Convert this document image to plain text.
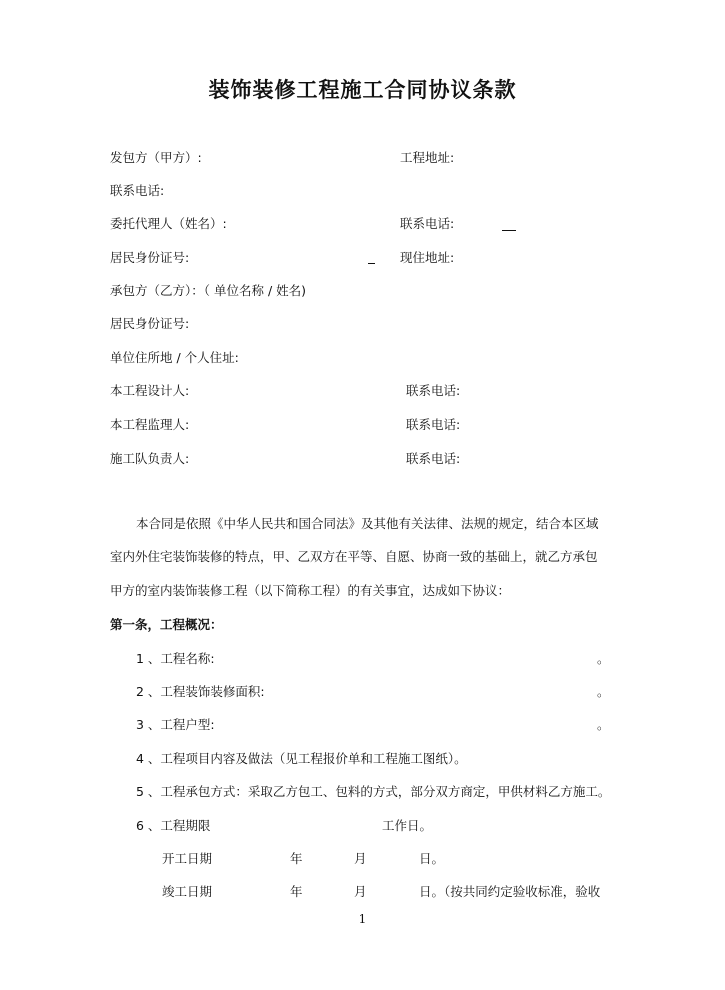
装饰装修工程施工合同协议条款
发包方（甲方）:	工程地址:
联系电话:
委托代理人（姓名）:	联系电话:
居民身份证号:	现住地址:
承包方（乙方）：（ 单位名称 / 姓名)
居民身份证号:
单位住所地 / 个人住址:
本工程设计人:	联系电话:
本工程监理人:	联系电话:
施工队负责人:	联系电话:
本合同是依照《中华人民共和国合同法》及其他有关法律、法规的规定，结合本区域
室内外住宅装饰装修的特点，甲、乙双方在平等、自愿、协商一致的基础上，就乙方承包
甲方的室内装饰装修工程（以下简称工程）的有关事宜，达成如下协议：
第一条，工程概况：
1 、工程名称:	。
2 、工程装饰装修面积:	。
3 、工程户型:	。
4 、工程项目内容及做法（见工程报价单和工程施工图纸）。
5 、工程承包方式：采取乙方包工、包料的方式，部分双方商定，甲供材料乙方施工。
6 、工程期限	工作日。
开工日期	年	月	日。
竣工日期	年	月	日。（按共同约定验收标准，验收
1
